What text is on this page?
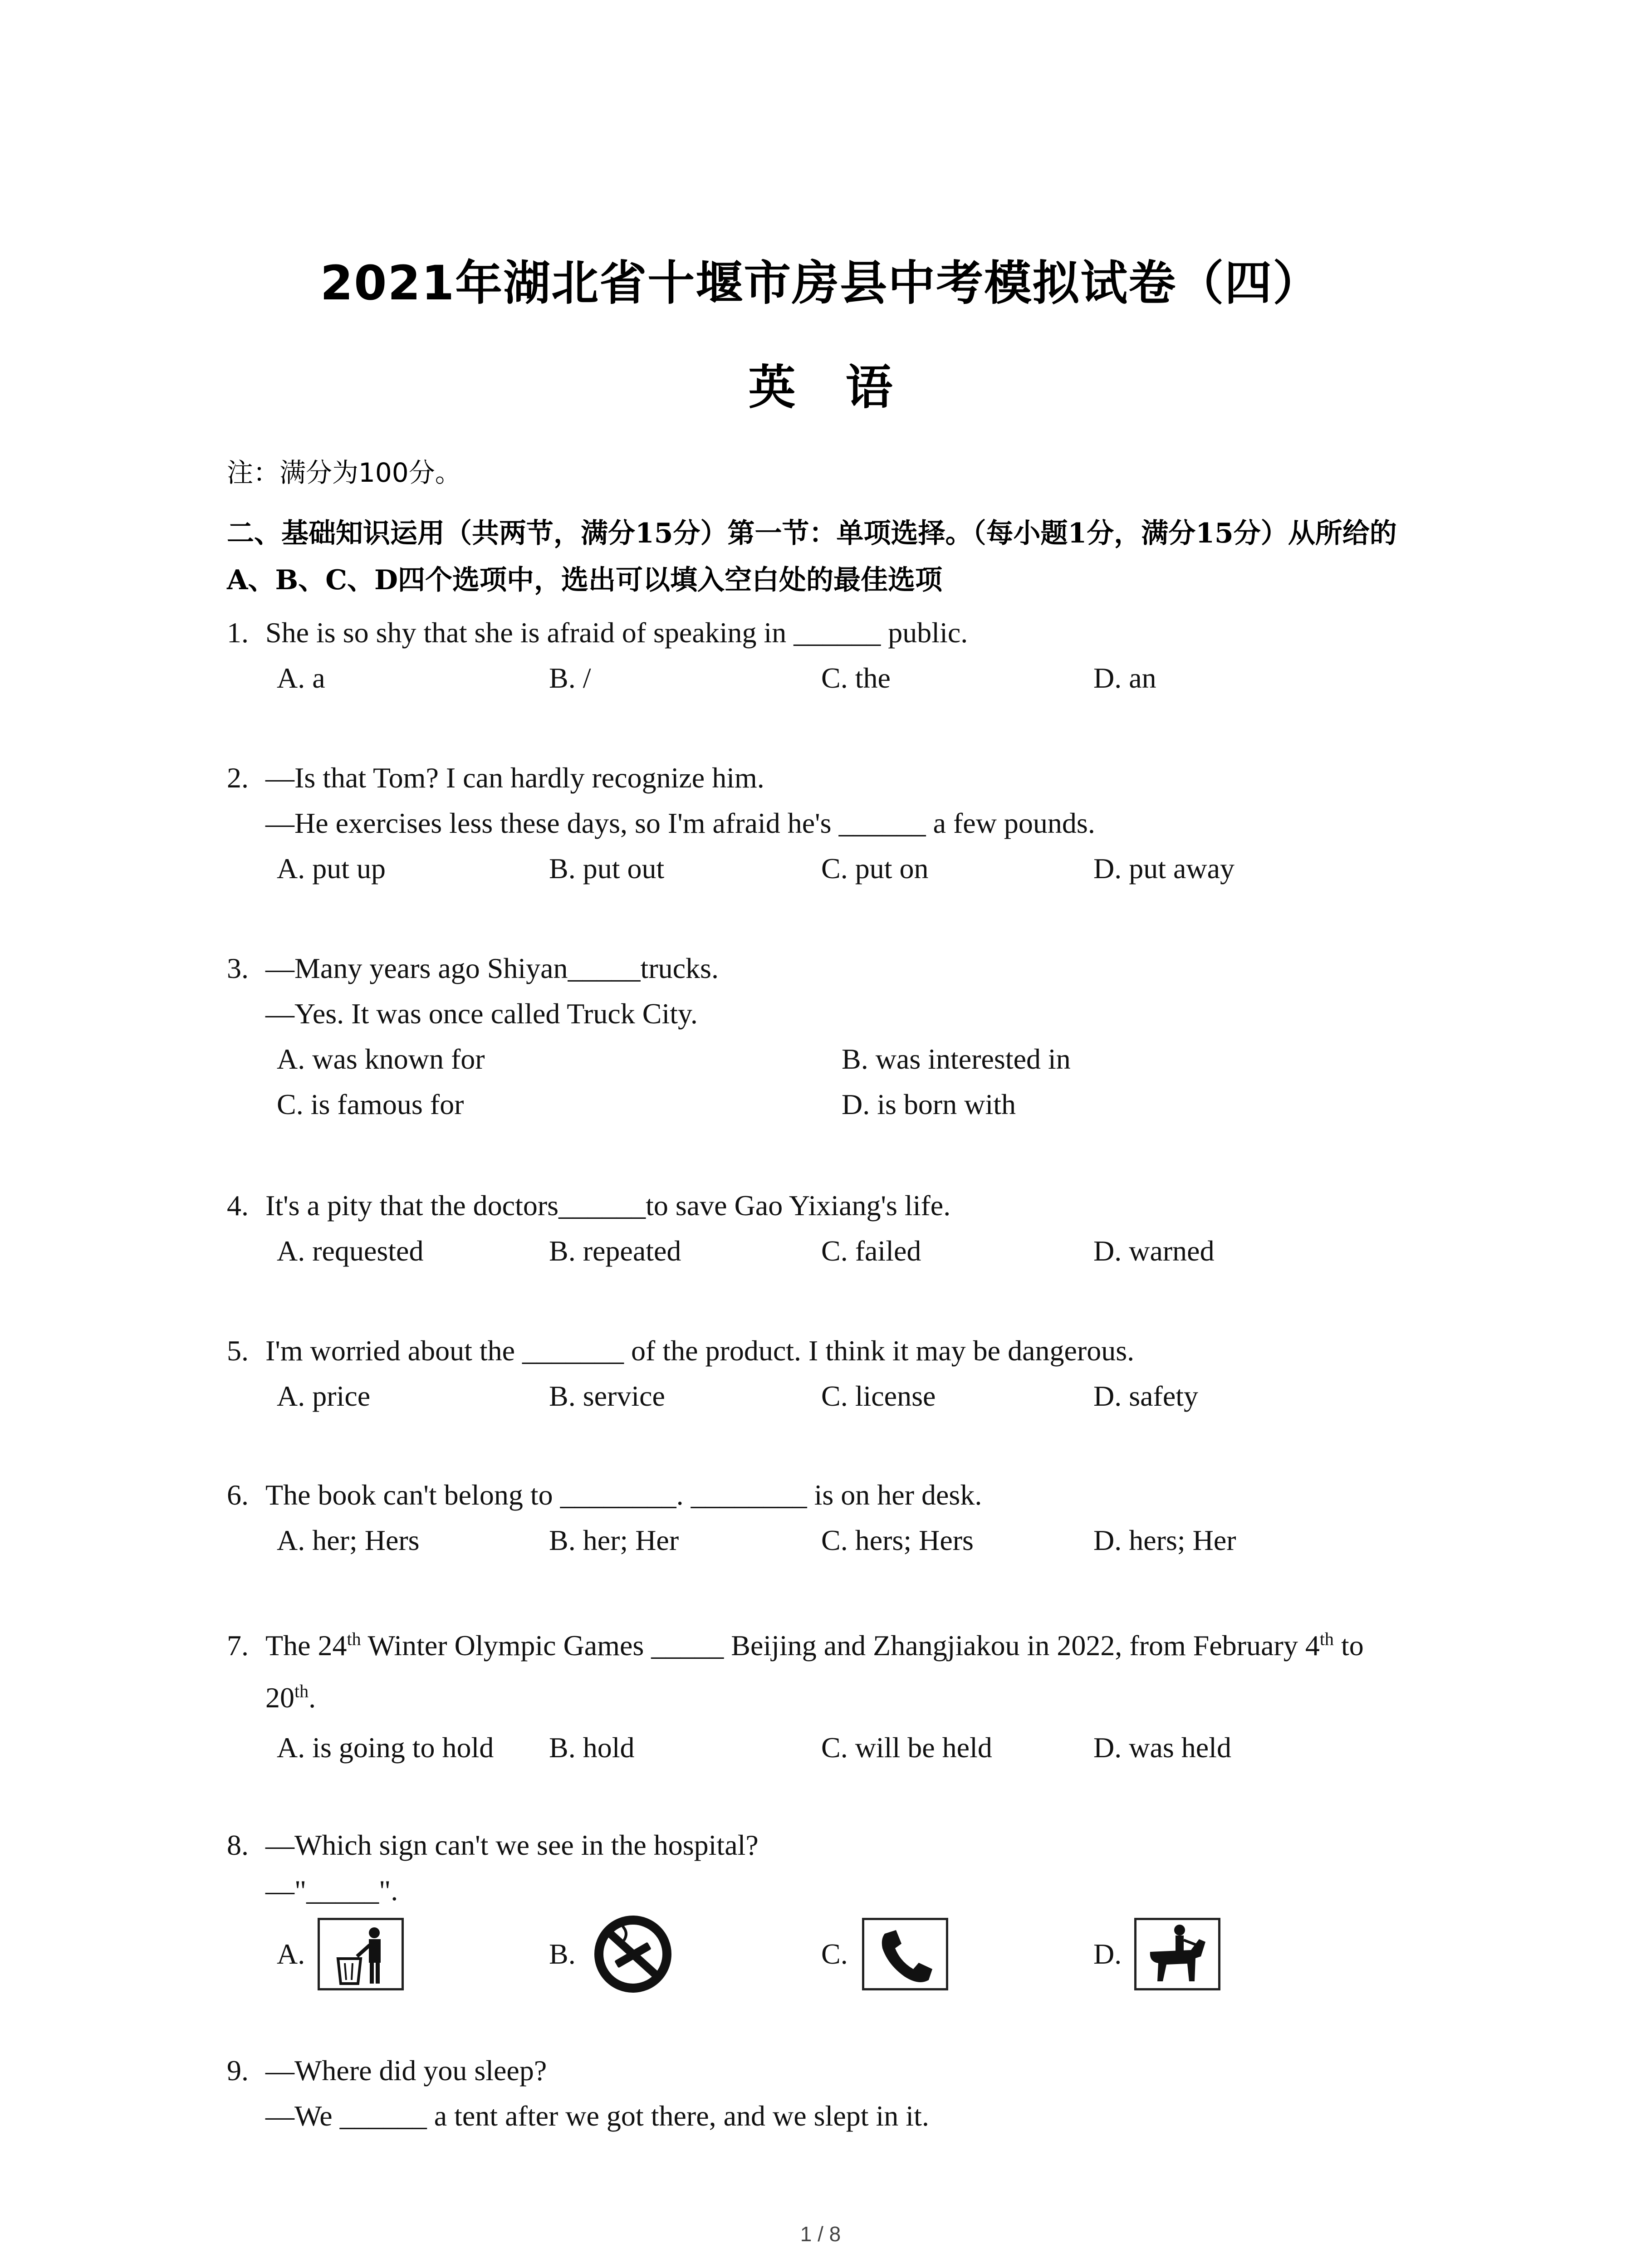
2021年湖北省十堰市房县中考模拟试卷（四）
英语
注：满分为100分。
二、基础知识运用（共两节，满分15分）第一节：单项选择。（每小题1分，满分15分）从所给的A、B、C、D四个选项中，选出可以填入空白处的最佳选项
1. She is so shy that she is afraid of speaking in ______ public.
A. a	B. /	C. the	D. an
2. —Is that Tom? I can hardly recognize him.
—He exercises less these days, so I'm afraid he's ______ a few pounds.
A. put up	B. put out	C. put on	D. put away
3. —Many years ago Shiyan_____trucks.
—Yes. It was once called Truck City.
A. was known for	B. was interested in
C. is famous for	D. is born with
4. It's a pity that the doctors______to save Gao Yixiang's life.
A. requested	B. repeated	C. failed	D. warned
5. I'm worried about the _______ of the product. I think it may be dangerous.
A. price	B. service	C. license	D. safety
6. The book can't belong to ________. ________ is on her desk.
A. her; Hers	B. her; Her	C. hers; Hers	D. hers; Her
7. The 24th Winter Olympic Games _____ Beijing and Zhangjiakou in 2022, from February 4th to
20th.
A. is going to hold B. hold	C. will be held	D. was held
8. —Which sign can't we see in the hospital?
—"_____".
A.	B.	C.	D.
9. —Where did you sleep?
—We ______ a tent after we got there, and we slept in it.
1 / 8
